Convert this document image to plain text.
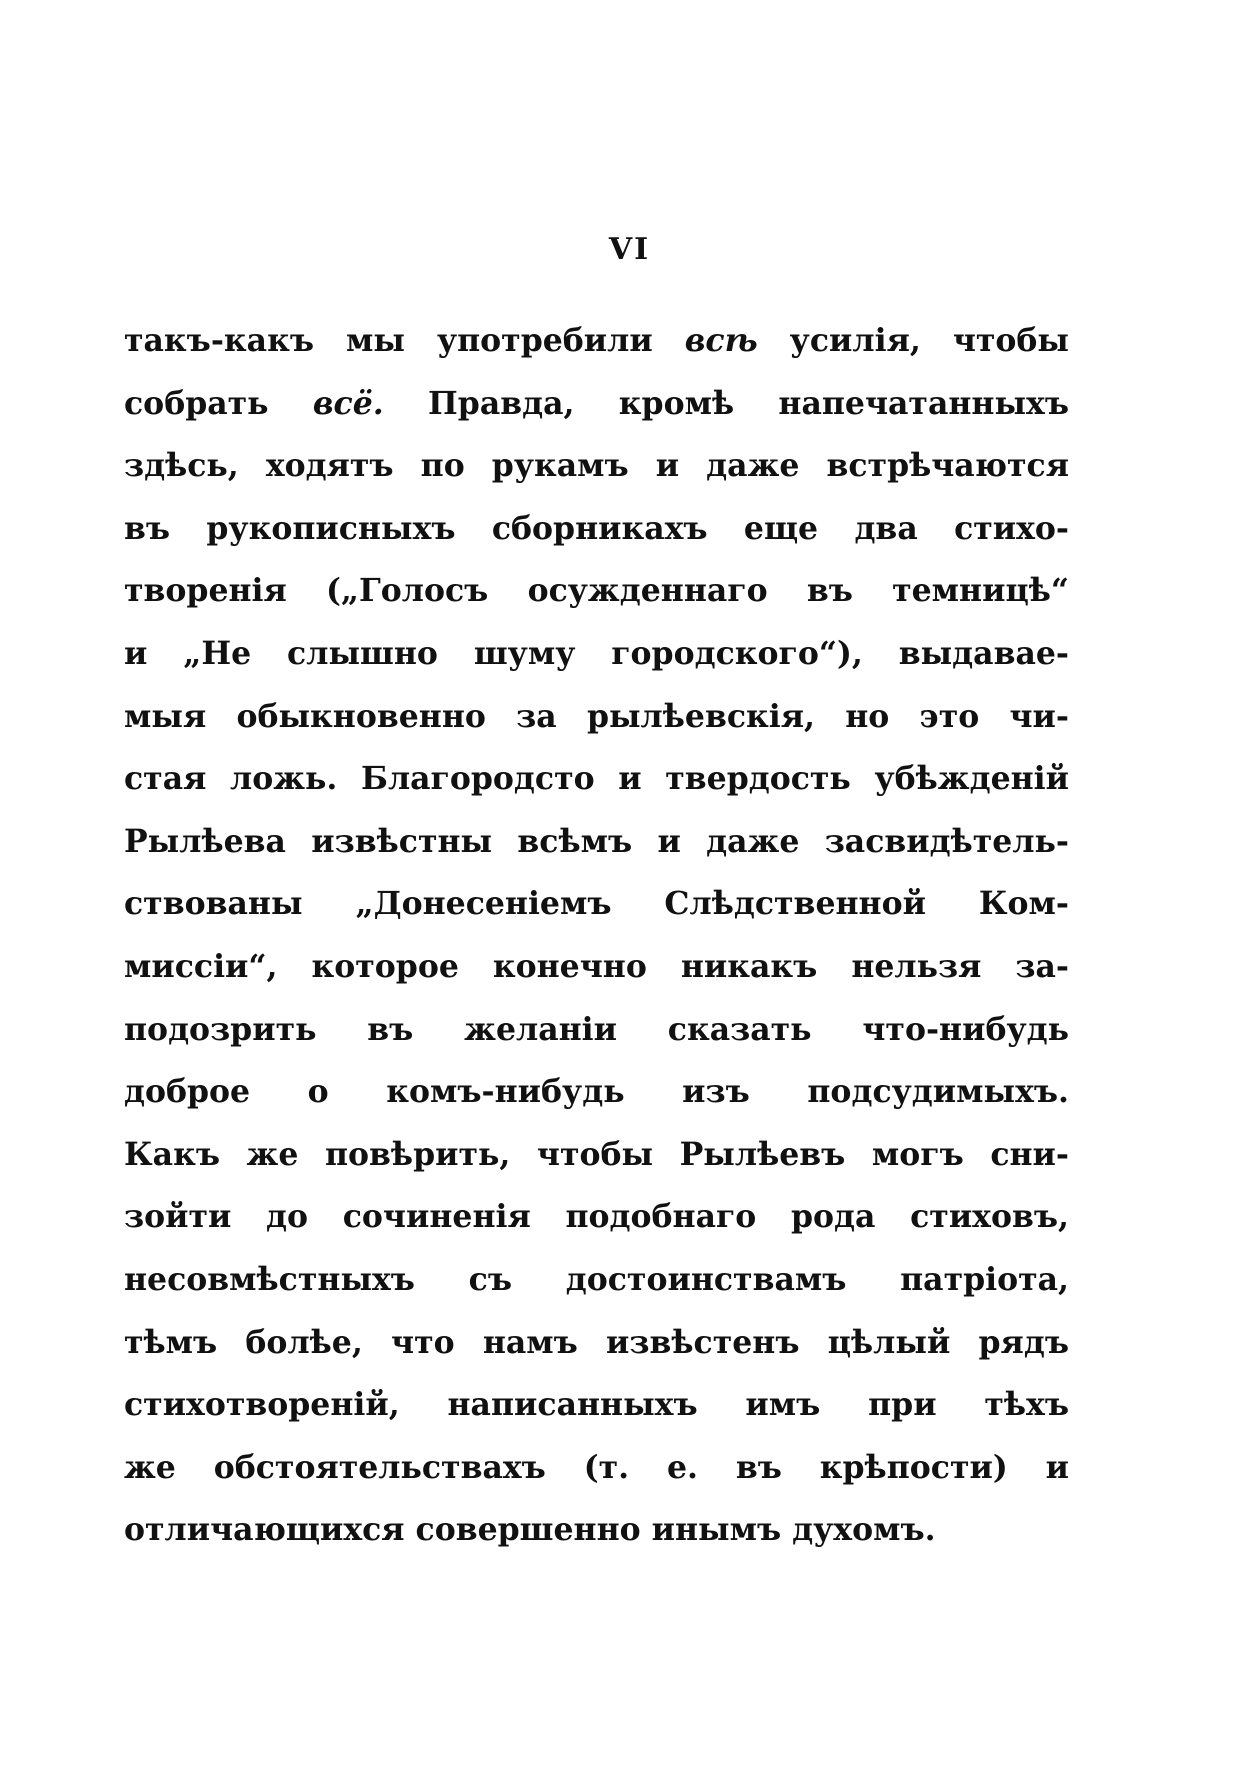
VI
такъ-какъ мы употребили всѣ усилія, чтобы
собрать всё. Правда, кромѣ напечатанныхъ
здѣсь, ходятъ по рукамъ и даже встрѣчаются
въ рукописныхъ сборникахъ еще два стихо-
творенія („Голосъ осужденнаго въ темницѣ“
и „Не слышно шуму городского“), выдавае-
мыя обыкновенно за рылѣевскія, но это чи-
стая ложь. Благородсто и твердость убѣжденій
Рылѣева извѣстны всѣмъ и даже засвидѣтель-
ствованы „Донесеніемъ Слѣдственной Ком-
миссіи“, которое конечно никакъ нельзя за-
подозрить въ желаніи сказать что-нибудь
доброе о комъ-нибудь изъ подсудимыхъ.
Какъ же повѣрить, чтобы Рылѣевъ могъ сни-
зойти до сочиненія подобнаго рода стиховъ,
несовмѣстныхъ съ достоинствамъ патріота,
тѣмъ болѣе, что намъ извѣстенъ цѣлый рядъ
стихотвореній, написанныхъ имъ при тѣхъ
же обстоятельствахъ (т. е. въ крѣпости) и
отличающихся совершенно инымъ духомъ.
